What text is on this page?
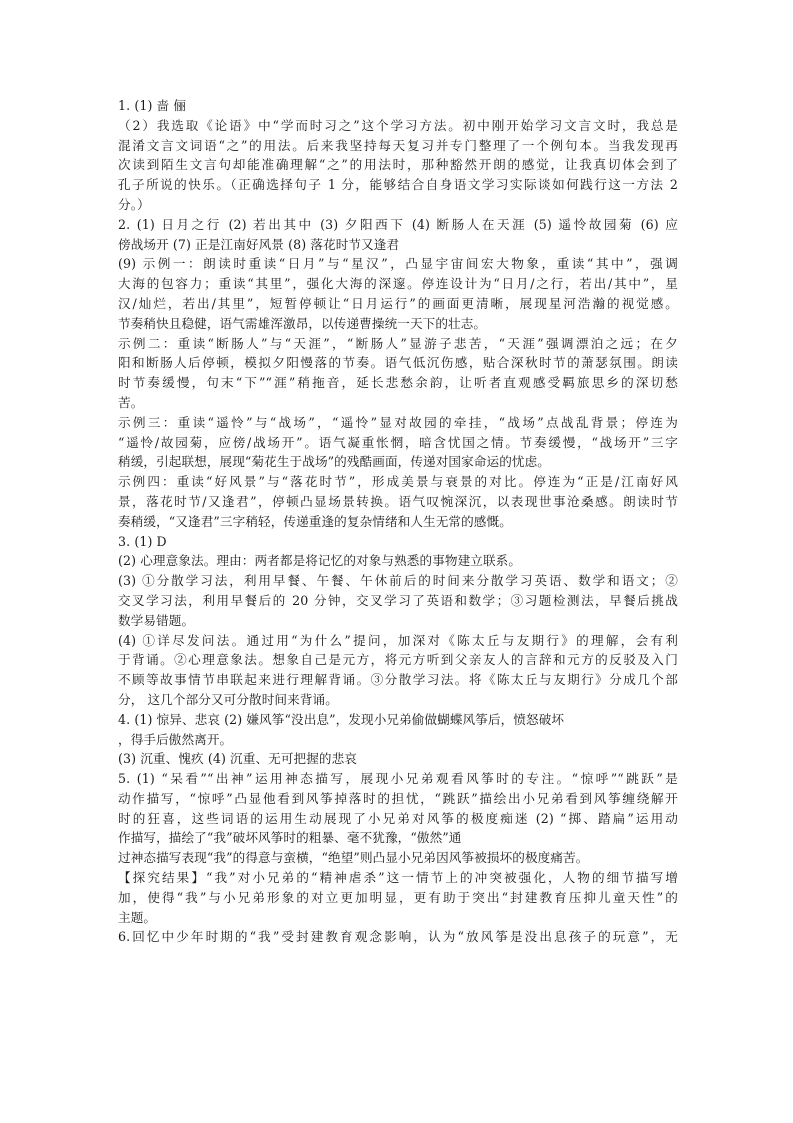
1. (1) 啬 俪
（2）我选取《论语》中“学而时习之”这个学习方法。初中刚开始学习文言文时，我总是
混淆文言文词语“之”的用法。后来我坚持每天复习并专门整理了一个例句本。当我发现再
次读到陌生文言句却能准确理解“之”的用法时，那种豁然开朗的感觉，让我真切体会到了
孔子所说的快乐。（正确选择句子 1 分，能够结合自身语文学习实际谈如何践行这一方法 2
分。）
2. (1) 日月之行 (2) 若出其中 (3) 夕阳西下 (4) 断肠人在天涯 (5) 遥怜故园菊 (6) 应
傍战场开 (7) 正是江南好风景 (8) 落花时节又逢君
(9) 示例一：朗读时重读“日月”与“星汉”，凸显宇宙间宏大物象，重读“其中”，强调
大海的包容力；重读“其里”，强化大海的深邃。停连设计为“日月/之行，若出/其中”，星
汉/灿烂，若出/其里”，短暂停顿让“日月运行”的画面更清晰，展现星河浩瀚的视觉感。
节奏稍快且稳健，语气需雄浑激昂，以传递曹操统一天下的壮志。
示例二：重读“断肠人”与“天涯”，“断肠人”显游子悲苦，“天涯”强调漂泊之远；在夕
阳和断肠人后停顿，模拟夕阳慢落的节奏。语气低沉伤感，贴合深秋时节的萧瑟氛围。朗读
时节奏缓慢，句末“下”“涯”稍拖音，延长悲愁余韵，让听者直观感受羁旅思乡的深切愁
苦。
示例三：重读“遥怜”与“战场”，“遥怜”显对故园的牵挂，“战场”点战乱背景；停连为
“遥怜/故园菊，应傍/战场开”。语气凝重怅惘，暗含忧国之情。节奏缓慢，“战场开”三字
稍缓，引起联想，展现“菊花生于战场”的残酷画面，传递对国家命运的忧虑。
示例四：重读“好风景”与“落花时节”，形成美景与衰景的对比。停连为“正是/江南好风
景，落花时节/又逢君”，停顿凸显场景转换。语气叹惋深沉，以表现世事沧桑感。朗读时节
奏稍缓，“又逢君”三字稍轻，传递重逢的复杂情绪和人生无常的感慨。
3. (1) D
(2) 心理意象法。理由：两者都是将记忆的对象与熟悉的事物建立联系。
(3) ①分散学习法，利用早餐、午餐、午休前后的时间来分散学习英语、数学和语文；②
交叉学习法，利用早餐后的 20 分钟，交叉学习了英语和数学；③习题检测法，早餐后挑战
数学易错题。
(4) ①详尽发问法。通过用“为什么”提问，加深对《陈太丘与友期行》的理解，会有利
于背诵。②心理意象法。想象自己是元方，将元方听到父亲友人的言辞和元方的反驳及入门
不顾等故事情节串联起来进行理解背诵。③分散学习法。将《陈太丘与友期行》分成几个部
分， 这几个部分又可分散时间来背诵。
4. (1) 惊异、悲哀 (2) 嫌风筝“没出息”，发现小兄弟偷做蝴蝶风筝后，愤怒破坏
，得手后傲然离开。
(3) 沉重、愧疚 (4) 沉重、无可把握的悲哀
5. (1) “呆看”“出神”运用神态描写，展现小兄弟观看风筝时的专注。“惊呼”“跳跃”是
动作描写，“惊呼”凸显他看到风筝掉落时的担忧，“跳跃”描绘出小兄弟看到风筝缠绕解开
时的狂喜，这些词语的运用生动展现了小兄弟对风筝的极度痴迷 (2) “掷、踏扁”运用动
作描写，描绘了“我”破坏风筝时的粗暴、毫不犹豫，“傲然”通
过神态描写表现“我”的得意与蛮横，“绝望”则凸显小兄弟因风筝被损坏的极度痛苦。
【探究结果】“我”对小兄弟的“精神虐杀”这一情节上的冲突被强化，人物的细节描写增
加，使得“我”与小兄弟形象的对立更加明显，更有助于突出“封建教育压抑儿童天性”的
主题。
6.回忆中少年时期的“我”受封建教育观念影响，认为“放风筝是没出息孩子的玩意”，无
